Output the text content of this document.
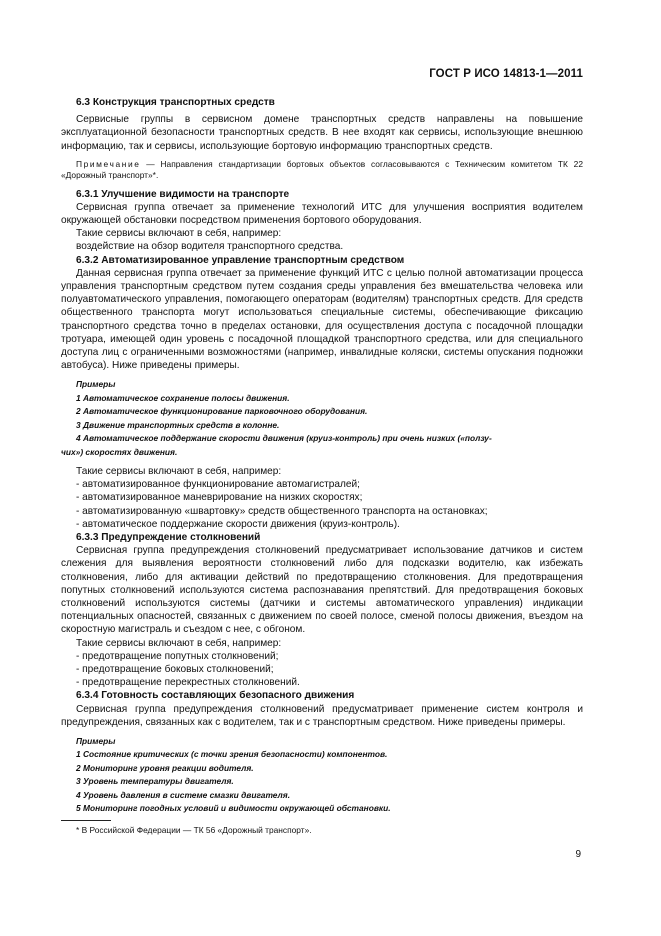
ГОСТ Р ИСО 14813-1—2011

6.3 Конструкция транспортных средств

Сервисные группы в сервисном домене транспортных средств направлены на повышение эксплуатационной безопасности транспортных средств. В нее входят как сервисы, использующие внешнюю информацию, так и сервисы, использующие бортовую информацию транспортных средств.

Примечание — Направления стандартизации бортовых объектов согласовываются с Техническим комитетом ТК 22 «Дорожный транспорт»*.

6.3.1 Улучшение видимости на транспорте

Сервисная группа отвечает за применение технологий ИТС для улучшения восприятия водителем окружающей обстановки посредством применения бортового оборудования.

Такие сервисы включают в себя, например:

воздействие на обзор водителя транспортного средства.

6.3.2 Автоматизированное управление транспортным средством

Данная сервисная группа отвечает за применение функций ИТС с целью полной автоматизации процесса управления транспортным средством путем создания среды управления без вмешательства человека или полуавтоматического управления, помогающего операторам (водителям) транспортных средств. Для средств общественного транспорта могут использоваться специальные системы, обеспечивающие фиксацию транспортного средства точно в пределах остановки, для осуществления доступа с посадочной площадки тротуара, имеющей один уровень с посадочной площадкой транспортного средства, или для специального доступа лиц с ограниченными возможностями (например, инвалидные коляски, системы опускания подножки автобуса). Ниже приведены примеры.

Примеры

1 Автоматическое сохранение полосы движения.

2 Автоматическое функционирование парковочного оборудования.

3 Движение транспортных средств в колонне.

4 Автоматическое поддержание скорости движения (круиз-контроль) при очень низких («ползу-

чих») скоростях движения.

Такие сервисы включают в себя, например:

- автоматизированное функционирование автомагистралей;

- автоматизированное маневрирование на низких скоростях;

- автоматизированную «швартовку» средств общественного транспорта на остановках;

- автоматическое поддержание скорости движения (круиз-контроль).

6.3.3 Предупреждение столкновений

Сервисная группа предупреждения столкновений предусматривает использование датчиков и систем слежения для выявления вероятности столкновений либо для подсказки водителю, как избежать столкновения, либо для активации действий по предотвращению столкновения. Для предотвращения попутных столкновений используются система распознавания препятствий. Для предотвращения боковых столкновений используются системы (датчики и системы автоматического управления) индикации потенциальных опасностей, связанных с движением по своей полосе, сменой полосы движения, въездом на скоростную магистраль и съездом с нее, с обгоном.

Такие сервисы включают в себя, например:

- предотвращение попутных столкновений;

- предотвращение боковых столкновений;

- предотвращение перекрестных столкновений.

6.3.4 Готовность составляющих безопасного движения

Сервисная группа предупреждения столкновений предусматривает применение систем контроля и предупреждения, связанных как с водителем, так и с транспортным средством. Ниже приведены примеры.

Примеры

1 Состояние критических (с точки зрения безопасности) компонентов.

2 Мониторинг уровня реакции водителя.

3 Уровень температуры двигателя.

4 Уровень давления в системе смазки двигателя.

5 Мониторинг погодных условий и видимости окружающей обстановки.

* В Российской Федерации — ТК 56 «Дорожный транспорт».
9
